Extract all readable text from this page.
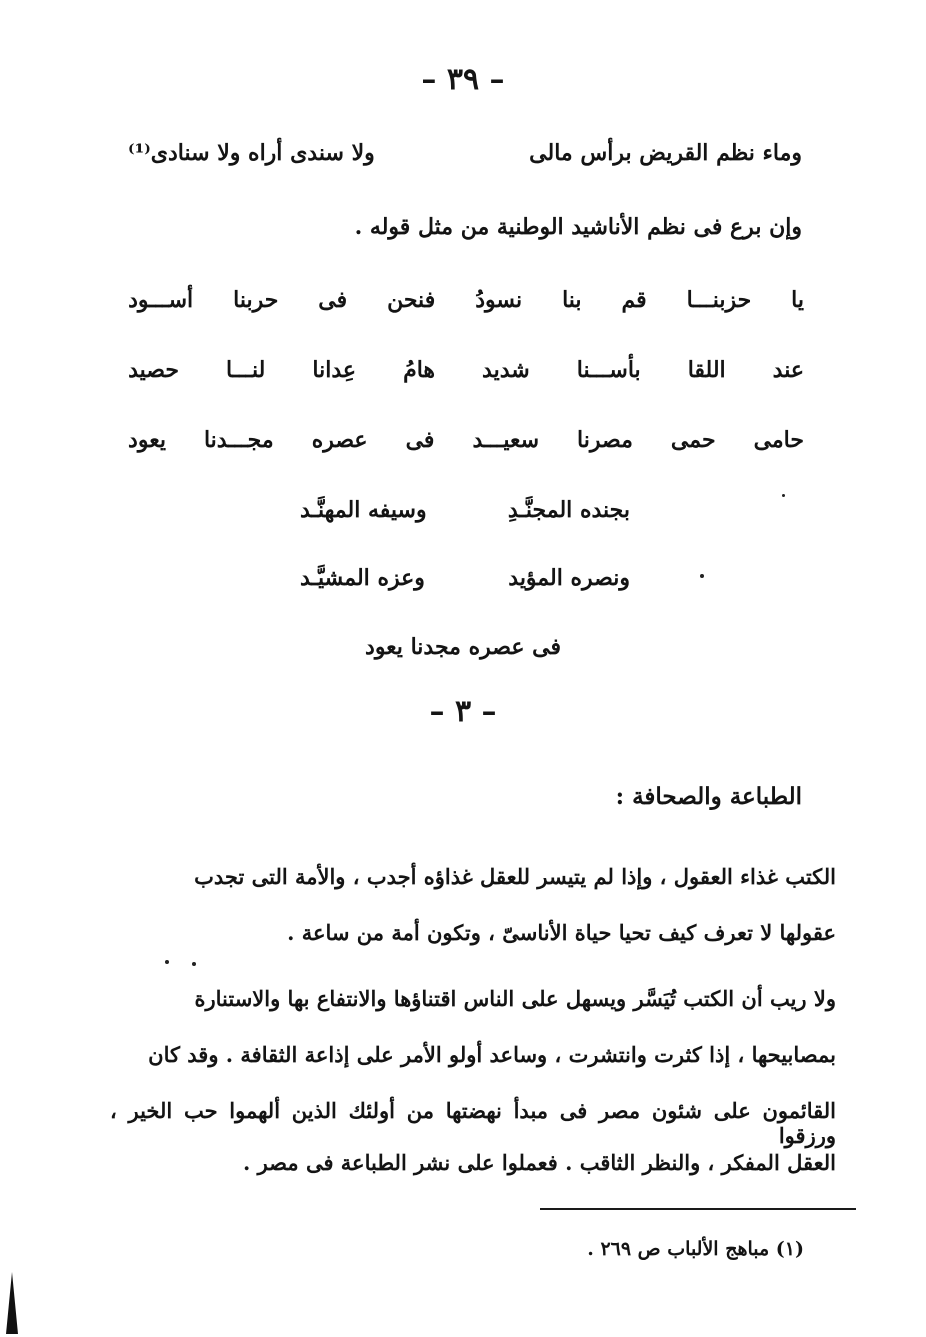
– ٣٩ –
وماء نظم القريض برأس مالى
ولا سندى أراه ولا سنادى⁽¹⁾
وإن برع فى نظم الأناشيد الوطنية من مثل قوله .
يا
حزبنـــا
قم
بنا
نسودُ
فنحن
فى
حربنا
أســـود
عند
اللقا
بأســـنا
شديد
هامُ
عِدانا
لنـــا
حصيد
حامى
حمى
مصرنا
سعيـــد
فى
عصره
مجـــدنا
يعود
بجنده المجنَّـدِ
وسيفه المهنَّـد
ونصره المؤيد
وعزه المشيَّـد
فى عصره مجدنا يعود
– ٣ –
الطباعة والصحافة :
الكتب غذاء العقول ، وإذا لم يتيسر للعقل غذاؤه أجدب ، والأمة التى تجدب
عقولها لا تعرف كيف تحيا حياة الأناسىّ ، وتكون أمة من ساعة .
ولا ريب أن الكتب تُيَسَّر ويسهل على الناس اقتناؤها والانتفاع بها والاستنارة
بمصابيحها ، إذا كثرت وانتشرت ، وساعد أولو الأمر على إذاعة الثقافة . وقد كان
القائمون على شئون مصر فى مبدأ نهضتها من أولئك الذين ألهموا حب الخير ، ورزقوا
العقل المفكر ، والنظر الثاقب . فعملوا على نشر الطباعة فى مصر .
(١) مباهج الألباب ص ٢٦٩ .
